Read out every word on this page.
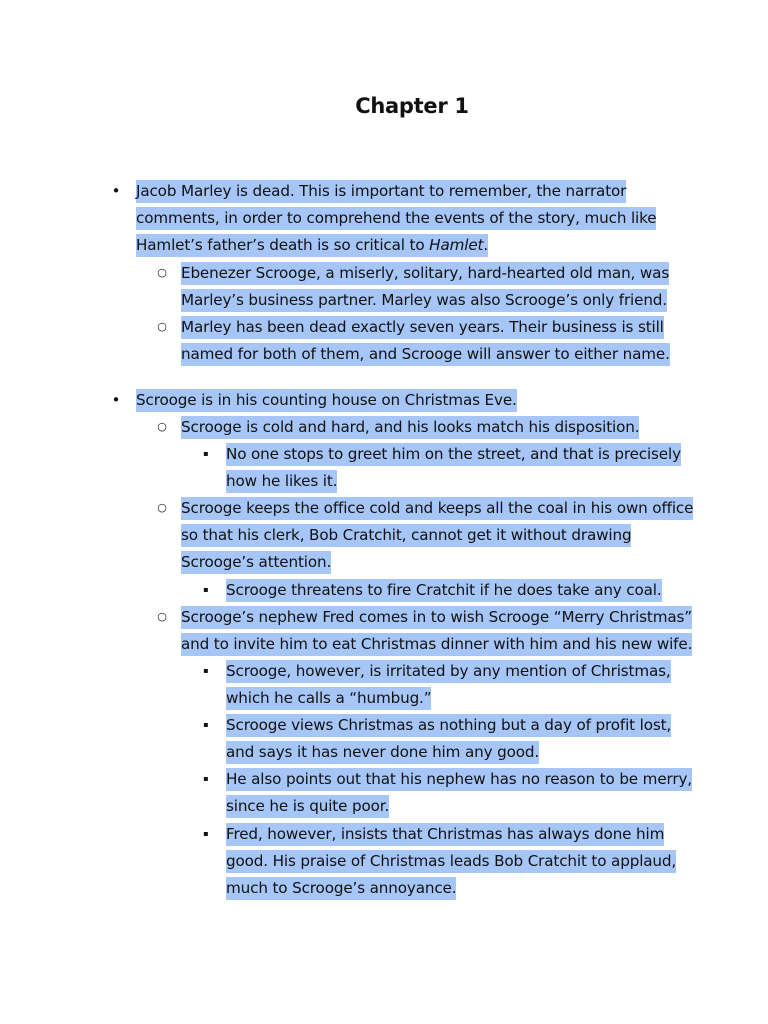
Chapter 1
• Jacob Marley is dead. This is important to remember, the narrator
comments, in order to comprehend the events of the story, much like
Hamlet’s father’s death is so critical to Hamlet.
○ Ebenezer Scrooge, a miserly, solitary, hard-hearted old man, was
Marley’s business partner. Marley was also Scrooge’s only friend.
○ Marley has been dead exactly seven years. Their business is still
named for both of them, and Scrooge will answer to either name.
• Scrooge is in his counting house on Christmas Eve.
○ Scrooge is cold and hard, and his looks match his disposition.
▪ No one stops to greet him on the street, and that is precisely
how he likes it.
○ Scrooge keeps the office cold and keeps all the coal in his own office
so that his clerk, Bob Cratchit, cannot get it without drawing
Scrooge’s attention.
▪ Scrooge threatens to fire Cratchit if he does take any coal.
○ Scrooge’s nephew Fred comes in to wish Scrooge “Merry Christmas”
and to invite him to eat Christmas dinner with him and his new wife.
▪ Scrooge, however, is irritated by any mention of Christmas,
which he calls a “humbug.”
▪ Scrooge views Christmas as nothing but a day of profit lost,
and says it has never done him any good.
▪ He also points out that his nephew has no reason to be merry,
since he is quite poor.
▪ Fred, however, insists that Christmas has always done him
good. His praise of Christmas leads Bob Cratchit to applaud,
much to Scrooge’s annoyance.
